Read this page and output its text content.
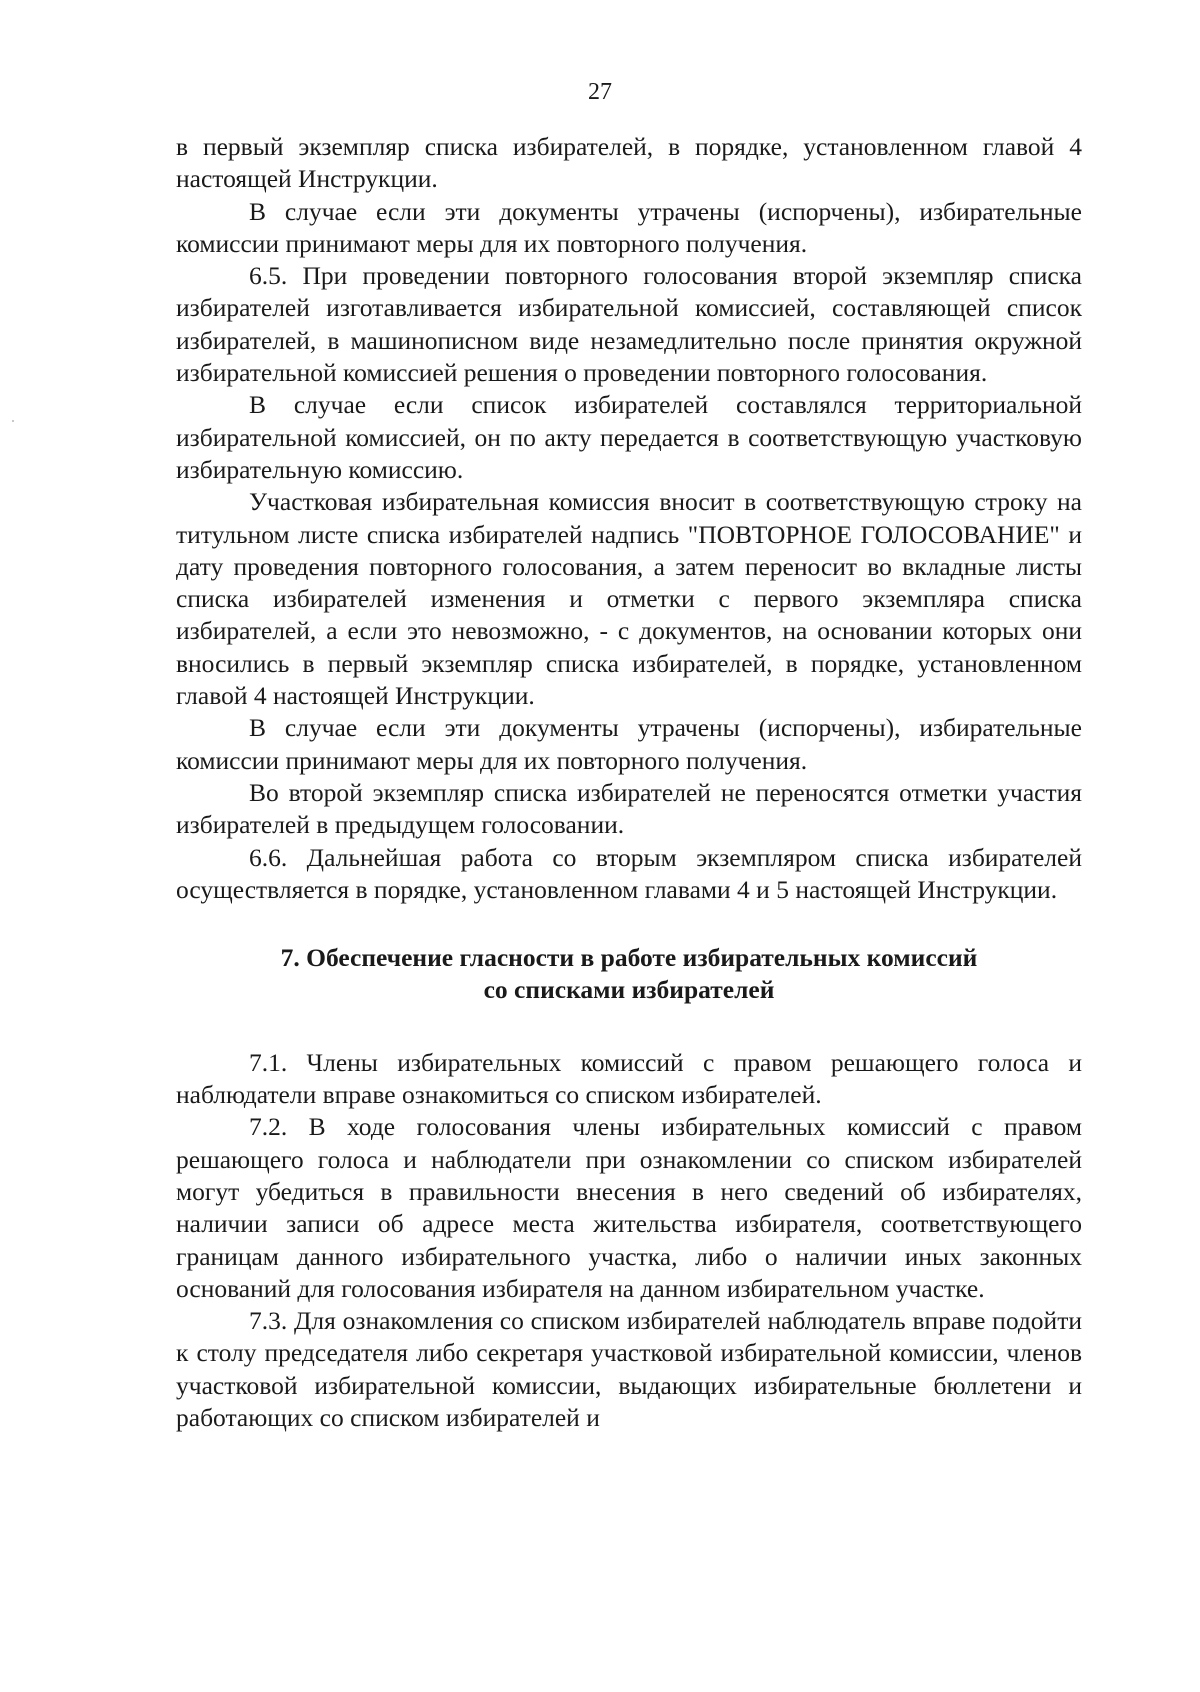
27

в первый экземпляр списка избирателей, в порядке, установленном главой 4 настоящей Инструкции.

В случае если эти документы утрачены (испорчены), избирательные комиссии принимают меры для их повторного получения.

6.5. При проведении повторного голосования второй экземпляр списка избирателей изготавливается избирательной комиссией, составляющей список избирателей, в машинописном виде незамедлительно после принятия окружной избирательной комиссией решения о проведении повторного голосования.

В случае если список избирателей составлялся территориальной избирательной комиссией, он по акту передается в соответствующую участковую избирательную комиссию.

Участковая избирательная комиссия вносит в соответствующую строку на титульном листе списка избирателей надпись "ПОВТОРНОЕ ГОЛОСОВАНИЕ" и дату проведения повторного голосования, а затем переносит во вкладные листы списка избирателей изменения и отметки с первого экземпляра списка избирателей, а если это невозможно, - с документов, на основании которых они вносились в первый экземпляр списка избирателей, в порядке, установленном главой 4 настоящей Инструкции.

В случае если эти документы утрачены (испорчены), избирательные комиссии принимают меры для их повторного получения.

Во второй экземпляр списка избирателей не переносятся отметки участия избирателей в предыдущем голосовании.

6.6. Дальнейшая работа со вторым экземпляром списка избирателей осуществляется в порядке, установленном главами 4 и 5 настоящей Инструкции.

7. Обеспечение гласности в работе избирательных комиссий

со списками избирателей

7.1. Члены избирательных комиссий с правом решающего голоса и наблюдатели вправе ознакомиться со списком избирателей.

7.2. В ходе голосования члены избирательных комиссий с правом решающего голоса и наблюдатели при ознакомлении со списком избирателей могут убедиться в правильности внесения в него сведений об избирателях, наличии записи об адресе места жительства избирателя, соответствующего границам данного избирательного участка, либо о наличии иных законных оснований для голосования избирателя на данном избирательном участке.

7.3. Для ознакомления со списком избирателей наблюдатель вправе подойти к столу председателя либо секретаря участковой избирательной комиссии, членов участковой избирательной комиссии, выдающих избирательные бюллетени и работающих со списком избирателей и
